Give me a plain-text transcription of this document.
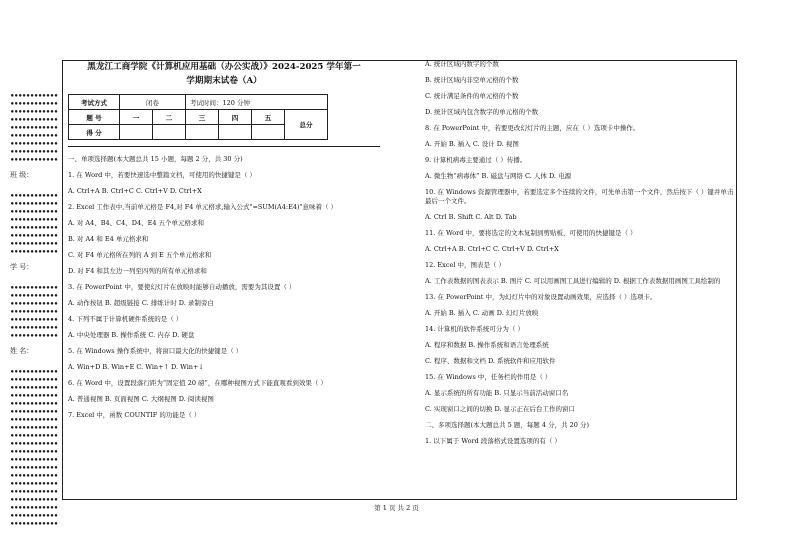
••••••••••••
••••••••••••
••••••••••••
••••••••••••
••••••••••••
••••••••••••
••••••••••••
••••••••••••
••••••••••••
班 级：
••••••••••••
••••••••••••
••••••••••••
••••••••••••
••••••••••••
••••••••••••
••••••••••••
••••••••••••
学 号：
••••••••••••
••••••••••••
••••••••••••
••••••••••••
••••••••••••
••••••••••••
••••••••••••
姓 名：
••••••••••••
••••••••••••
••••••••••••
••••••••••••
••••••••••••
••••••••••••
••••••••••••
••••••••••••
••••••••••••
••••••••••••
••••••••••••
••••••••••••
••••••••••••
••••••••••••
••••••••••••
••••••••••••
••••••••••••
••••••••••••
••••••••••••
••••••••••••
黑龙江工商学院《计算机应用基础（办公实战）》2024-2025 学年第一
学期期末试卷（A）
考试方式	闭卷		考试时间：120 分钟			
题 号	一	二	三	四	五	总分
得 分						
一、单项选择题(本大题总共 15 小题，每题 2 分，共 30 分)
1. 在 Word 中，若要快速选中整篇文档，可使用的快捷键是（ ）
A. Ctrl+A B. Ctrl+C C. Ctrl+V D. Ctrl+X
2. Excel 工作表中,当前单元格是 F4,对 F4 单元格求,输入公式"=SUM(A4:E4)"意味着（ ）
A. 对 A4、B4、C4、D4、E4 五个单元格求和
B. 对 A4 和 E4 单元格求和
C. 对 F4 单元格所在列的 A 到 E 五个单元格求和
D. 对 F4 和其左边一列至四列的所有单元格求和
3. 在 PowerPoint 中，要使幻灯片在放映时能够自动播放，需要为其设置（ ）
A. 动作按钮 B. 超级链接 C. 排练计时 D. 录制旁白
4. 下列不属于计算机硬件系统的是（ ）
A. 中央处理器 B. 操作系统 C. 内存 D. 硬盘
5. 在 Windows 操作系统中，将窗口最大化的快捷键是（ ）
A. Win+D B. Win+E C. Win+↑ D. Win+↓
6. 在 Word 中，设置段落行距为“固定值 20 磅”，在哪种视图方式下能直观看到效果（ ）
A. 普通视图 B. 页面视图 C. 大纲视图 D. 阅读视图
7. Excel 中，函数 COUNTIF 的功能是（ ）
A. 统计区域内数字的个数
B. 统计区域内非空单元格的个数
C. 统计满足条件的单元格的个数
D. 统计区域内包含数字的单元格的个数
8. 在 PowerPoint 中，若要更改幻灯片的主题，应在（ ）选项卡中操作。
A. 开始 B. 插入 C. 设计 D. 视图
9. 计算机病毒主要通过（ ）传播。
A. 微生物“病毒体” B. 磁盘与网络 C. 人体 D. 电源
10. 在 Windows 资源管理器中，若要选定多个连续的文件，可先单击第一个文件，然后按下（ ）键并单击最后一个文件。
A. Ctrl B. Shift C. Alt D. Tab
11. 在 Word 中，要将选定的文本复制到剪贴板，可使用的快捷键是（ ）
A. Ctrl+A B. Ctrl+C C. Ctrl+V D. Ctrl+X
12. Excel 中，图表是（ ）
A. 工作表数据的图表表示 B. 图片 C. 可以用画图工具进行编辑的 D. 根据工作表数据用画图工具绘制的
13. 在 PowerPoint 中，为幻灯片中的对象设置动画效果，应选择（ ）选项卡。
A. 开始 B. 插入 C. 动画 D. 幻灯片放映
14. 计算机的软件系统可分为（ ）
A. 程序和数据 B. 操作系统和语言处理系统
C. 程序、数据和文档 D. 系统软件和应用软件
15. 在 Windows 中，任务栏的作用是（ ）
A. 显示系统的所有功能 B. 只显示当前活动窗口名
C. 实现窗口之间的切换 D. 显示正在后台工作的窗口
二、多项选择题(本大题总共 5 题，每题 4 分，共 20 分)
1. 以下属于 Word 段落格式设置选项的有（ ）
第 1 页 共 2 页
